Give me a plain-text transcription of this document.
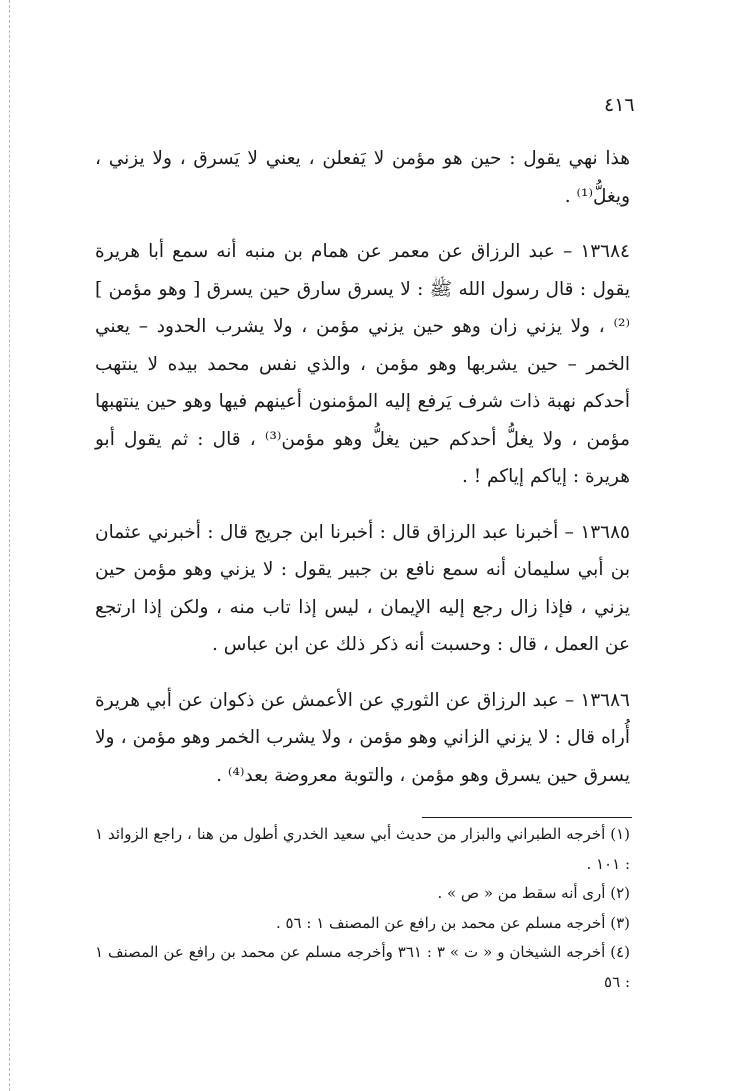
٤١٦

هذا نهي يقول : حين هو مؤمن لا يَفعلن ، يعني لا يَسرق ، ولا يزني ، ويغلُّ⁽¹⁾ .

١٣٦٨٤ – عبد الرزاق عن معمر عن همام بن منبه أنه سمع أبا هريرة يقول : قال رسول الله ﷺ : لا يسرق سارق حين يسرق [ وهو مؤمن ]⁽²⁾ ، ولا يزني زان وهو حين يزني مؤمن ، ولا يشرب الحدود – يعني الخمر – حين يشربها وهو مؤمن ، والذي نفس محمد بيده لا ينتهب أحدكم نهبة ذات شرف يَرفع إليه المؤمنون أعينهم فيها وهو حين ينتهبها مؤمن ، ولا يغلُّ أحدكم حين يغلُّ وهو مؤمن⁽³⁾ ، قال : ثم يقول أبو هريرة : إياكم إياكم ! .

١٣٦٨٥ – أخبرنا عبد الرزاق قال : أخبرنا ابن جريج قال : أخبرني عثمان بن أبي سليمان أنه سمع نافع بن جبير يقول : لا يزني وهو مؤمن حين يزني ، فإذا زال رجع إليه الإيمان ، ليس إذا تاب منه ، ولكن إذا ارتجع عن العمل ، قال : وحسبت أنه ذكر ذلك عن ابن عباس .

١٣٦٨٦ – عبد الرزاق عن الثوري عن الأعمش عن ذكوان عن أبي هريرة أُراه قال : لا يزني الزاني وهو مؤمن ، ولا يشرب الخمر وهو مؤمن ، ولا يسرق حين يسرق وهو مؤمن ، والتوبة معروضة بعد⁽⁴⁾ .

(١) أخرجه الطبراني والبزار من حديث أبي سعيد الخدري أطول من هنا ، راجع الزوائد ١ : ١٠١ .

(٢) أرى أنه سقط من « ص » .

(٣) أخرجه مسلم عن محمد بن رافع عن المصنف ١ : ٥٦ .

(٤) أخرجه الشيخان و « ت » ٣ : ٣٦١ وأخرجه مسلم عن محمد بن رافع عن المصنف ١ : ٥٦
